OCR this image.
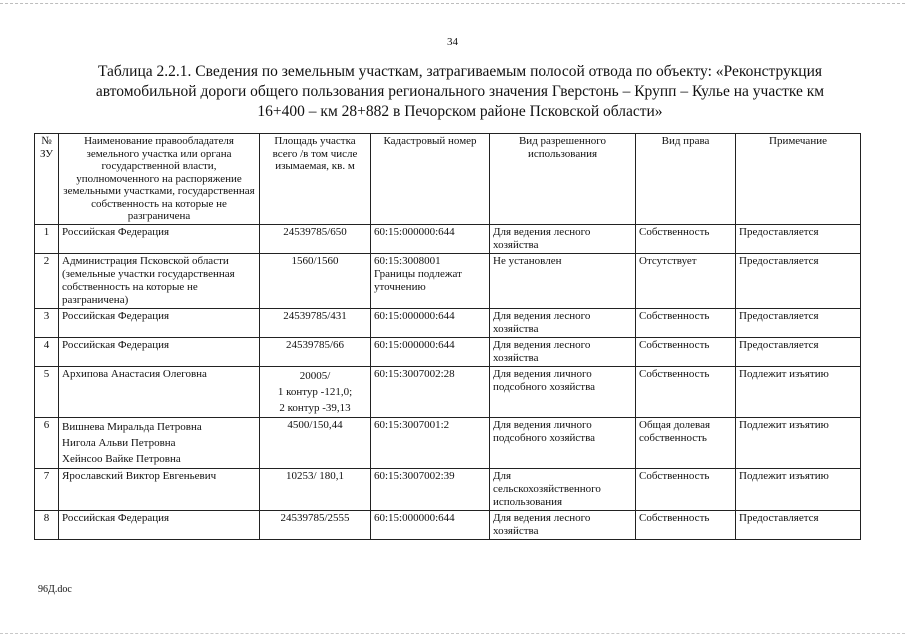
34
Таблица 2.2.1. Сведения по земельным участкам, затрагиваемым полосой отвода по объекту: «Реконструкция
автомобильной дороги общего пользования регионального значения Гверстонь – Крупп – Кулье на участке км
16+400 – км 28+882 в Печорском районе Псковской области»
№
ЗУ	Наименование правообладателя земельного участка или органа государственной власти, уполномоченного на распоряжение земельными участками, государственная собственность на которые не разграничена	Площадь участка всего /в том числе изымаемая, кв. м	Кадастровый номер	Вид разрешенного использования	Вид права	Примечание
1	Российская Федерация	24539785/650	60:15:000000:644	Для ведения лесного хозяйства	Собственность	Предоставляется
2	Администрация Псковской области (земельные участки государственная собственность на которые не разграничена)	1560/1560	60:15:3008001
Границы подлежат уточнению	Не установлен	Отсутствует	Предоставляется
3	Российская Федерация	24539785/431	60:15:000000:644	Для ведения лесного хозяйства	Собственность	Предоставляется
4	Российская Федерация	24539785/66	60:15:000000:644	Для ведения лесного хозяйства	Собственность	Предоставляется
5	Архипова Анастасия Олеговна	20005/
1 контур -121,0;
2 контур -39,13	60:15:3007002:28	Для ведения личного подсобного хозяйства	Собственность	Подлежит изъятию
6	Вишнева Миральда Петровна
Нигола Альви Петровна
Хейнсоо Вайке Петровна	4500/150,44	60:15:3007001:2	Для ведения личного подсобного хозяйства	Общая долевая собственность	Подлежит изъятию
7	Ярославский Виктор Евгеньевич	10253/ 180,1	60:15:3007002:39	Для
сельскохозяйственного
использования	Собственность	Подлежит изъятию
8	Российская Федерация	24539785/2555	60:15:000000:644	Для ведения лесного хозяйства	Собственность	Предоставляется
96Д.doc
